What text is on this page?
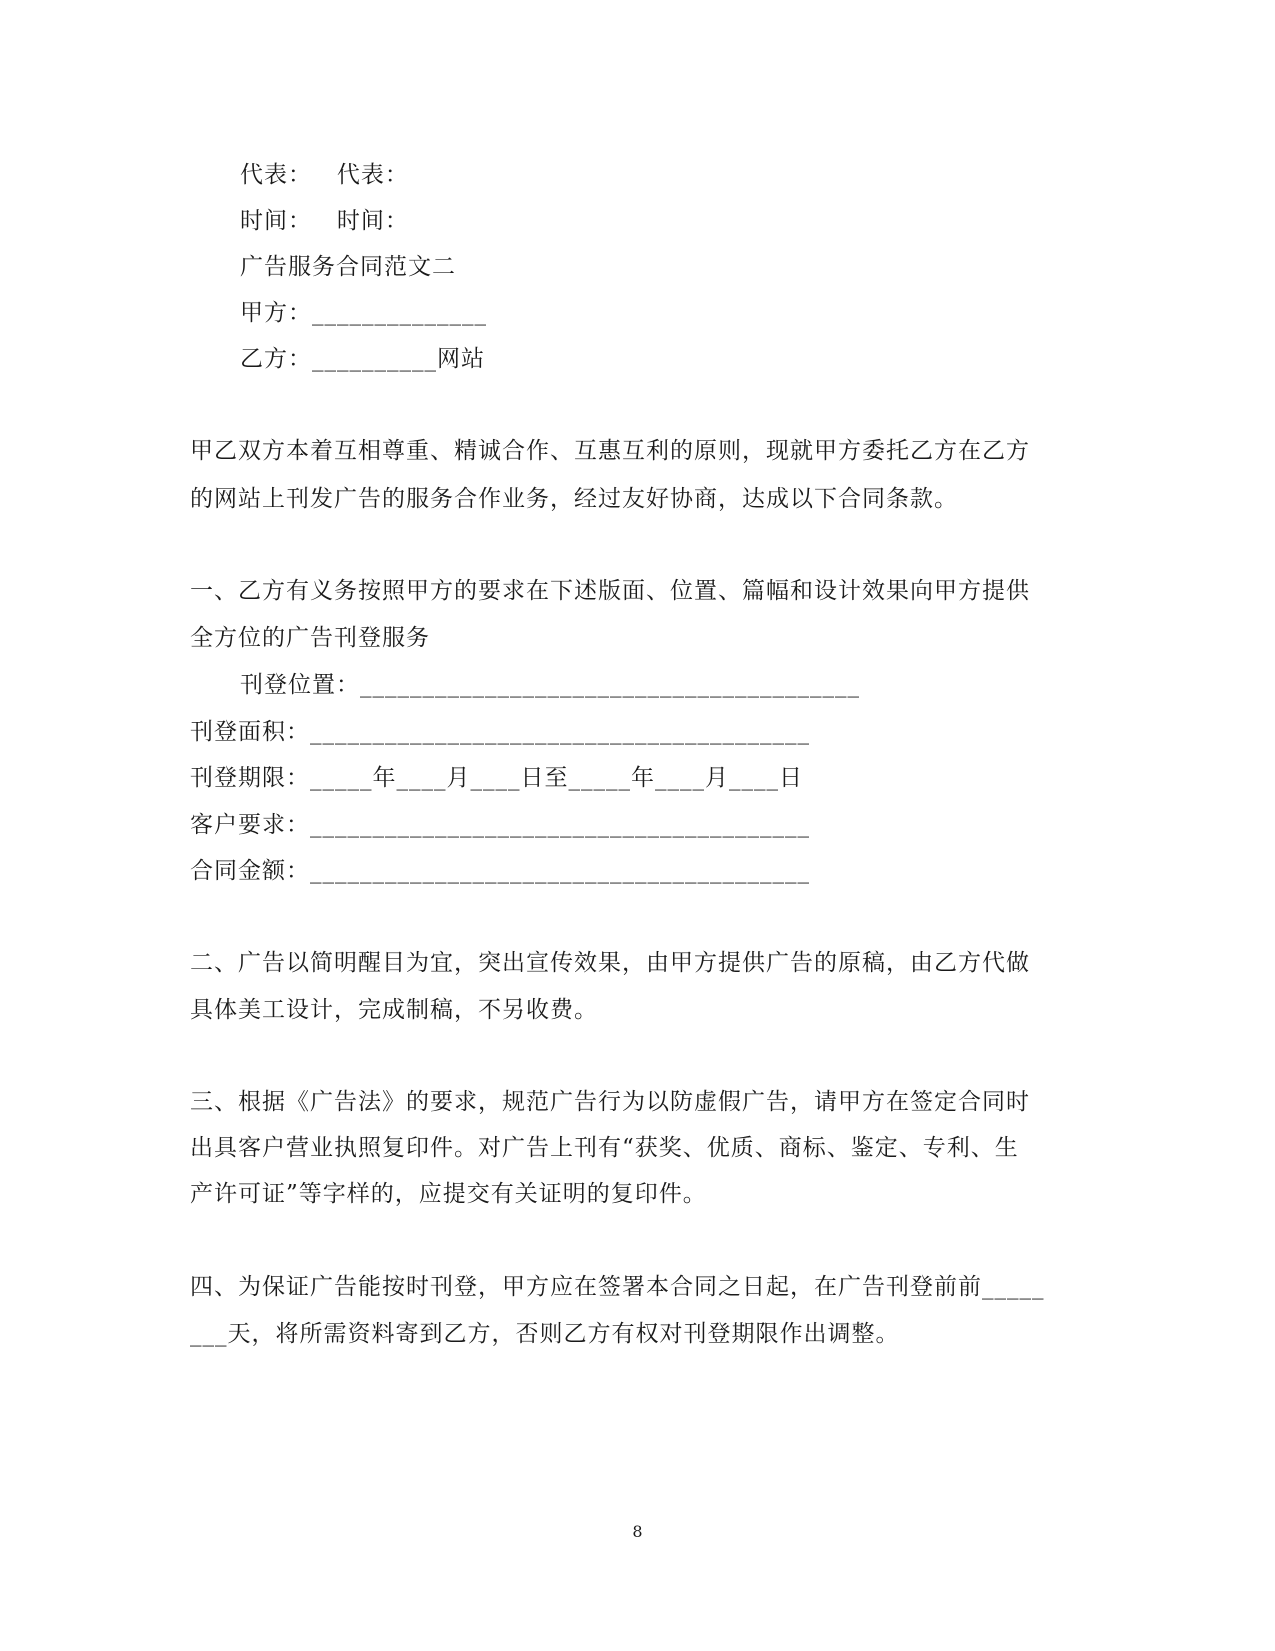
代表：   代表：
时间：   时间：
广告服务合同范文二
甲方：______________
乙方：__________网站
甲乙双方本着互相尊重、精诚合作、互惠互利的原则，现就甲方委托乙方在乙方
的网站上刊发广告的服务合作业务，经过友好协商，达成以下合同条款。
一、乙方有义务按照甲方的要求在下述版面、位置、篇幅和设计效果向甲方提供
全方位的广告刊登服务
刊登位置：________________________________________
刊登面积：________________________________________
刊登期限：_____年____月____日至_____年____月____日
客户要求：________________________________________
合同金额：________________________________________
二、广告以简明醒目为宜，突出宣传效果，由甲方提供广告的原稿，由乙方代做
具体美工设计，完成制稿，不另收费。
三、根据《广告法》的要求，规范广告行为以防虚假广告，请甲方在签定合同时
出具客户营业执照复印件。对广告上刊有“获奖、优质、商标、鉴定、专利、生
产许可证”等字样的，应提交有关证明的复印件。
四、为保证广告能按时刊登，甲方应在签署本合同之日起，在广告刊登前前_____
___天，将所需资料寄到乙方，否则乙方有权对刊登期限作出调整。
8
